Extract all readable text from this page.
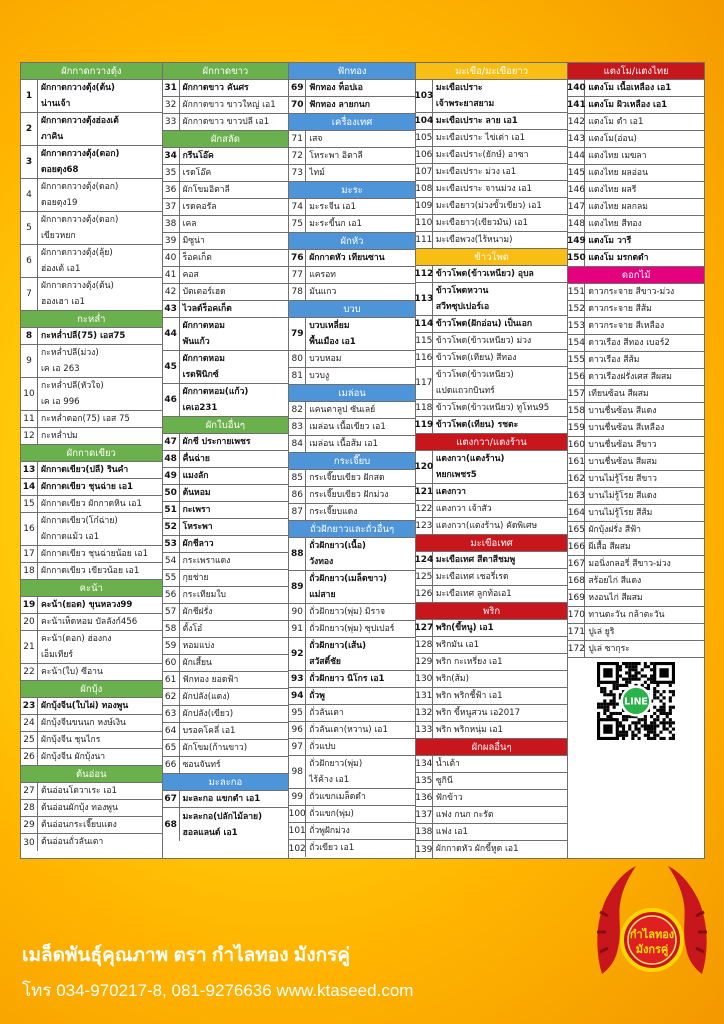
ผักกาดกวางตุ้ง
1
ผักกาดกวางตุ้ง(ต้น)
น่านเจ้า
2
ผักกาดกวางตุ้งฮ่องเต้
ภาคิน
3
ผักกาดกวางตุ้ง(ดอก)
ดอยตุง68
4
ผักกาดกวางตุ้ง(ดอก)
ดอยตุง19
5
ผักกาดกวางตุ้ง(ดอก)
เขียวหยก
6
ผักกาดกวางตุ้ง(ลุ้ย)
ฮ่องเต้ เอ1
7
ผักกาดกวางตุ้ง(ต้น)
ฮองเฮา เอ1
กะหล่ำ
8	กะหล่ำปลี(75) เอส75
9
กะหล่ำปลี(ม่วง)
เค เอ 263
10
กะหล่ำปลี(หัวใจ)
เค เอ 996
11 กะหล่ำดอก(75) เอส 75
12 กะหล่ำปม
ผักกาดเขียว
13 ผักกาดเขียว(ปลี) รินคำ
14 ผักกาดเขียว ชุนฉ่าย เอ1
15 ผักกาดเขียว ผักกาดหิน เอ1
16
ผักกาดเขียว(โก๋ฉ่าย)
ผักกาดแม้ว เอ1
17 ผักกาดเขียว ชุนฉ่ายน้อย เอ1
18 ผักกาดเขียว เขียวน้อย เอ1
คะน้า
19 คะน้า(ยอด) ขุนหลวง99
20 คะน้าเห็ดหอม บัลลังก์456
21
คะน้า(ดอก) ฮ่องกง
เอ็มเทียร์
22 คะน้า(ใบ) ซีอาน
ผักบุ้ง
23 ผักบุ้งจีน(ใบไผ่) ทองพูน
24 ผักบุ้งจีนขนนก หงษ์เงิน
25 ผักบุ้งจีน ชุนไกร
26 ผักบุ้งจีน ผักบุ้งนา
ต้นอ่อน
27 ต้นอ่อนโตวาเระ เอ1
28 ต้นอ่อนผักบุ้ง ทองพูน
29 ต้นอ่อนกระเจี๊ยบแดง
30 ต้นอ่อนถั่วลันเตา
ผักกาดขาว
31 ผักกาดขาว คันศร
32 ผักกาดขาว ขาวใหญ่ เอ1
33 ผักกาดขาว ขาวปลี เอ1
ผักสลัด
34 กรีนโอ๊ค
35 เรดโอ๊ค
36 ผักโขมอิตาลี
37 เรดคอรัล
38 เคล
39 มิซูน่า
40 ร็อคเก็ต
41 คอส
42 บัตเตอร์เฮด
43 ไวลด์ร็อคเก็ต
44
ผักกาดหอม
พันแก้ว
45
ผักกาดหอม
เรดฟินิกซ์
46
ผักกาดหอม(แก้ว)
เคเอ231
ผักใบอื่นๆ
47 ผักชี ประกายเพชร
48 คื่นฉ่าย
49 แมงลัก
50 ต้นหอม
51 กะเพรา
52 โหระพา
53 ผักชีลาว
54 กระเพราแดง
55 กุยช่าย
56 กระเทียมใบ
57 ผักชีฝรั่ง
58 ตั้งโอ๋
59 หอมแบ่ง
60 ผักเสี้ยน
61 ฟักทอง ยอดฟ้า
62 ผักปลัง(แดง)
63 ผักปลัง(เขียว)
64 บรอคโคลี่ เอ1
65 ผักโขม(ก้านขาว)
66 ซอนจันทร์
มะละกอ
67 มะละกอ แขกดำ เอ1
68
มะละกอ(ปลักไม้ลาย)
ฮอลแลนด์ เอ1
ฟักทอง
69 ฟักทอง ท็อปเอ
70 ฟักทอง ลายกนก
เครื่องเทศ
71 เสจ
72 โหระพา อิตาลี
73 ไทม์
มะระ
74 มะระจีน เอ1
75 มะระขี้นก เอ1
ผักหัว
76 ผักกาดหัว เทียนซาน
77 แครอท
78 มันแกว
บวบ
79
บวบเหลี่ยม
พื้นเมือง เอ1
80 บวบหอม
81 บวบงู
เมล่อน
82 แคนตาลูป ซันเลย์
83 เมล่อน เนื้อเขียว เอ1
84 เมล่อน เนื้อส้ม เอ1
กระเจี๊ยบ
85 กระเจี๊ยบเขียว ฝักสด
86 กระเจี๊ยบเขียว ฝักม่วง
87 กระเจี๊ยบแดง
ถั่วฝักยาวและถั่วอื่นๆ
88
ถั่วฝักยาว(เนื้อ)
วังทอง
89
ถั่วฝักยาว(เมล็ดขาว)
แม่สาย
90 ถั่วฝักยาว(พุ่ม) มิราจ
91 ถั่วฝักยาว(พุ่ม) ซุปเปอร์
92
ถั่วฝักยาว(เส้น)
สวัสดิ์ชัย
93 ถั่วฝักยาว นิโกร เอ1
94 ถั่วพู
95 ถั่วลันเตา
96 ถั่วลันเตา(หวาน) เอ1
97 ถั่วแปบ
98
ถั่วฝักยาว(พุ่ม)
ไร้ค้าง เอ1
99 ถั่วแขกเมล็ดดำ
100 ถั่วแขก(พุ่ม)
101 ถั่วพูฝักม่วง
102 ถั่วเขียว เอ1
มะเขือ/มะเขือยาว
103
มะเขือเปราะ
เจ้าพระยาสยาม
104 มะเขือเปราะ ลาย เอ1
105 มะเขือเปราะ ไข่เต่า เอ1
106 มะเขือเปราะ(ยักษ์) อาซา
107 มะเขือเปราะ ม่วง เอ1
108 มะเขือเปราะ จานม่วง เอ1
109 มะเขือยาว(ม่วงขั้วเขียว) เอ1
110 มะเขือยาว(เขียวมัน) เอ1
111 มะเขือพวง(ไร้หนาม)
ข้าวโพด
112 ข้าวโพด(ข้าวเหนียว) อุบล
113
ข้าวโพดหวาน
สวีทซุปเปอร์เอ
114 ข้าวโพด(ฝักอ่อน) เป็นเอก
115 ข้าวโพด(ข้าวเหนียว) ม่วง
116 ข้าวโพด(เทียน) สีทอง
117
ข้าวโพด(ข้าวเหนียว)
แปดแถวกบินทร์
118 ข้าวโพด(ข้าวเหนียว) ทูโทน95
119 ข้าวโพด(เทียน) รชตะ
แตงกวา/แตงร้าน
120
แตงกวา(แตงร้าน)
หยกเพชร5
121 แตงกวา
122 แตงกวา เจ้าสัว
123 แตงกวา(แตงร้าน) คัดพิเศษ
มะเขือเทศ
124 มะเขือเทศ สีดาสีชมพู
125 มะเขือเทศ เชอรี่เรด
126 มะเขือเทศ ลูกท้อเอ1
พริก
127 พริก(ขี้หนู) เอ1
128 พริกมัน เอ1
129 พริก กะเหรี่ยง เอ1
130 พริก(ส้ม)
131 พริก พริกชี้ฟ้า เอ1
132 พริก ขี้หนูสวน เอ2017
133 พริก พริกหนุ่ม เอ1
ผักผลอื่นๆ
134 น้ำเต้า
135 ซูกินี
136 ฟักข้าว
137 แฟง กนก กะรัต
138 แฟง เอ1
139 ผักกาดหัว ผักขี้หูด เอ1
แตงโม/แตงไทย
140 แตงโม เนื้อเหลือง เอ1
141 แตงโม ผิวเหลือง เอ1
142 แตงโม ดำ เอ1
143 แตงโม(อ่อน)
144 แตงไทย เมฆลา
145 แตงไทย ผลอ่อน
146 แตงไทย ผลรี
147 แตงไทย ผลกลม
148 แตงไทย สีทอง
149 แตงโม วารี
150 แตงโม มรกตดำ
ดอกไม้
151 ดาวกระจาย สีขาว-ม่วง
152 ดาวกระจาย สีส้ม
153 ดาวกระจาย สีเหลือง
154 ดาวเรือง สีทอง เบอร์2
155 ดาวเรือง สีส้ม
156 ดาวเรืองฝรั่งเศส สีผสม
157 เทียนซ้อน สีผสม
158 บานชื่นซ้อน สีแดง
159 บานชื่นซ้อน สีเหลือง
160 บานชื่นซ้อน สีขาว
161 บานชื่นซ้อน สีผสม
162 บานไม่รู้โรย สีขาว
163 บานไม่รู้โรย สีแดง
164 บานไม่รู้โรย สีส้ม
165 ผักบุ้งฝรั่ง สีฟ้า
166 ผีเสื้อ สีผสม
167 มอนิ่งกลอรี่ สีขาว-ม่วง
168 สร้อยไก่ สีแดง
169 หงอนไก่ สีผสม
170 ทานตะวัน กล้าตะวัน
171 ปูเล่ ยูริ
172 ปูเล่ ซากุระ
LINE
เมล็ดพันธุ์คุณภาพ ตรา กำไลทอง มังกรคู่
โทร 034-970217-8, 081-9276636 www.ktaseed.com
กำไลทอง
มังกรคู่
